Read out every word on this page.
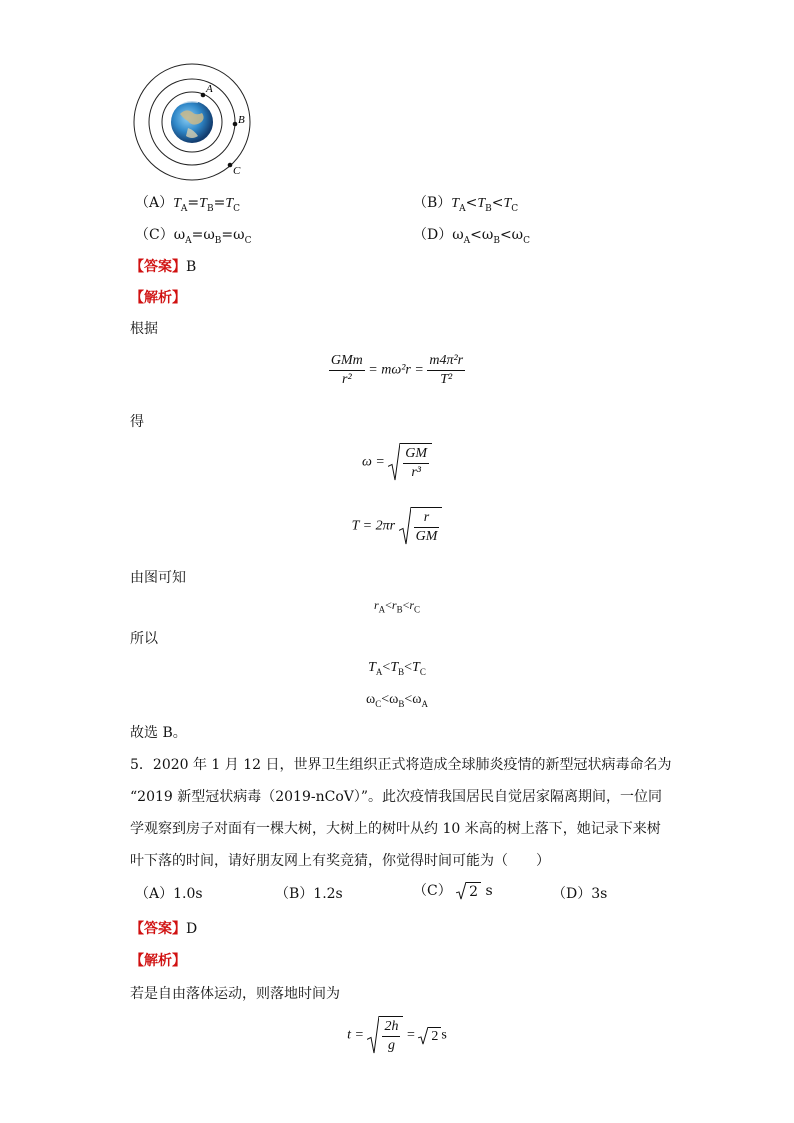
A
B
C
$(A)T_A=T_B=T_C$	$(B)T_A<T_B<T_C$
$(C)\omega_A=\omega_B=\omega_C$	$(D)\omega_A<\omega_B<\omega_C$
【答案】B
【解析】
根据
$\frac{\text{GMm}}{\text{r²}} = m\omega^2r = \frac{\text{m4π²r}}{\text{T²}}$
得
$\omega = \frac{GM}{\text{r³}}$
$T = 2\pi r \frac{r}{GM}$
由图可知
$r_A<r_B<r_C$
所以
$T_A<T_B<T_C$
$\omega_C<\omega_B<\omega_A$
故选 B。
5．2020 年 1 月 12 日，世界卫生组织正式将造成全球肺炎疫情的新型冠状病毒命名为
“2019 新型冠状病毒（2019-nCoV）”。此次疫情我国居民自觉居家隔离期间，一位同
学观察到房子对面有一棵大树，大树上的树叶从约 10 米高的树上落下，她记录下来树
叶下落的时间，请好朋友网上有奖竞猜，你觉得时间可能为（　　）
（A）1.0s	（B）1.2s	（C） 2 s	（D）3s
【答案】D
【解析】
若是自由落体运动，则落地时间为
$t = \frac{2h}{g} = 2$ s
